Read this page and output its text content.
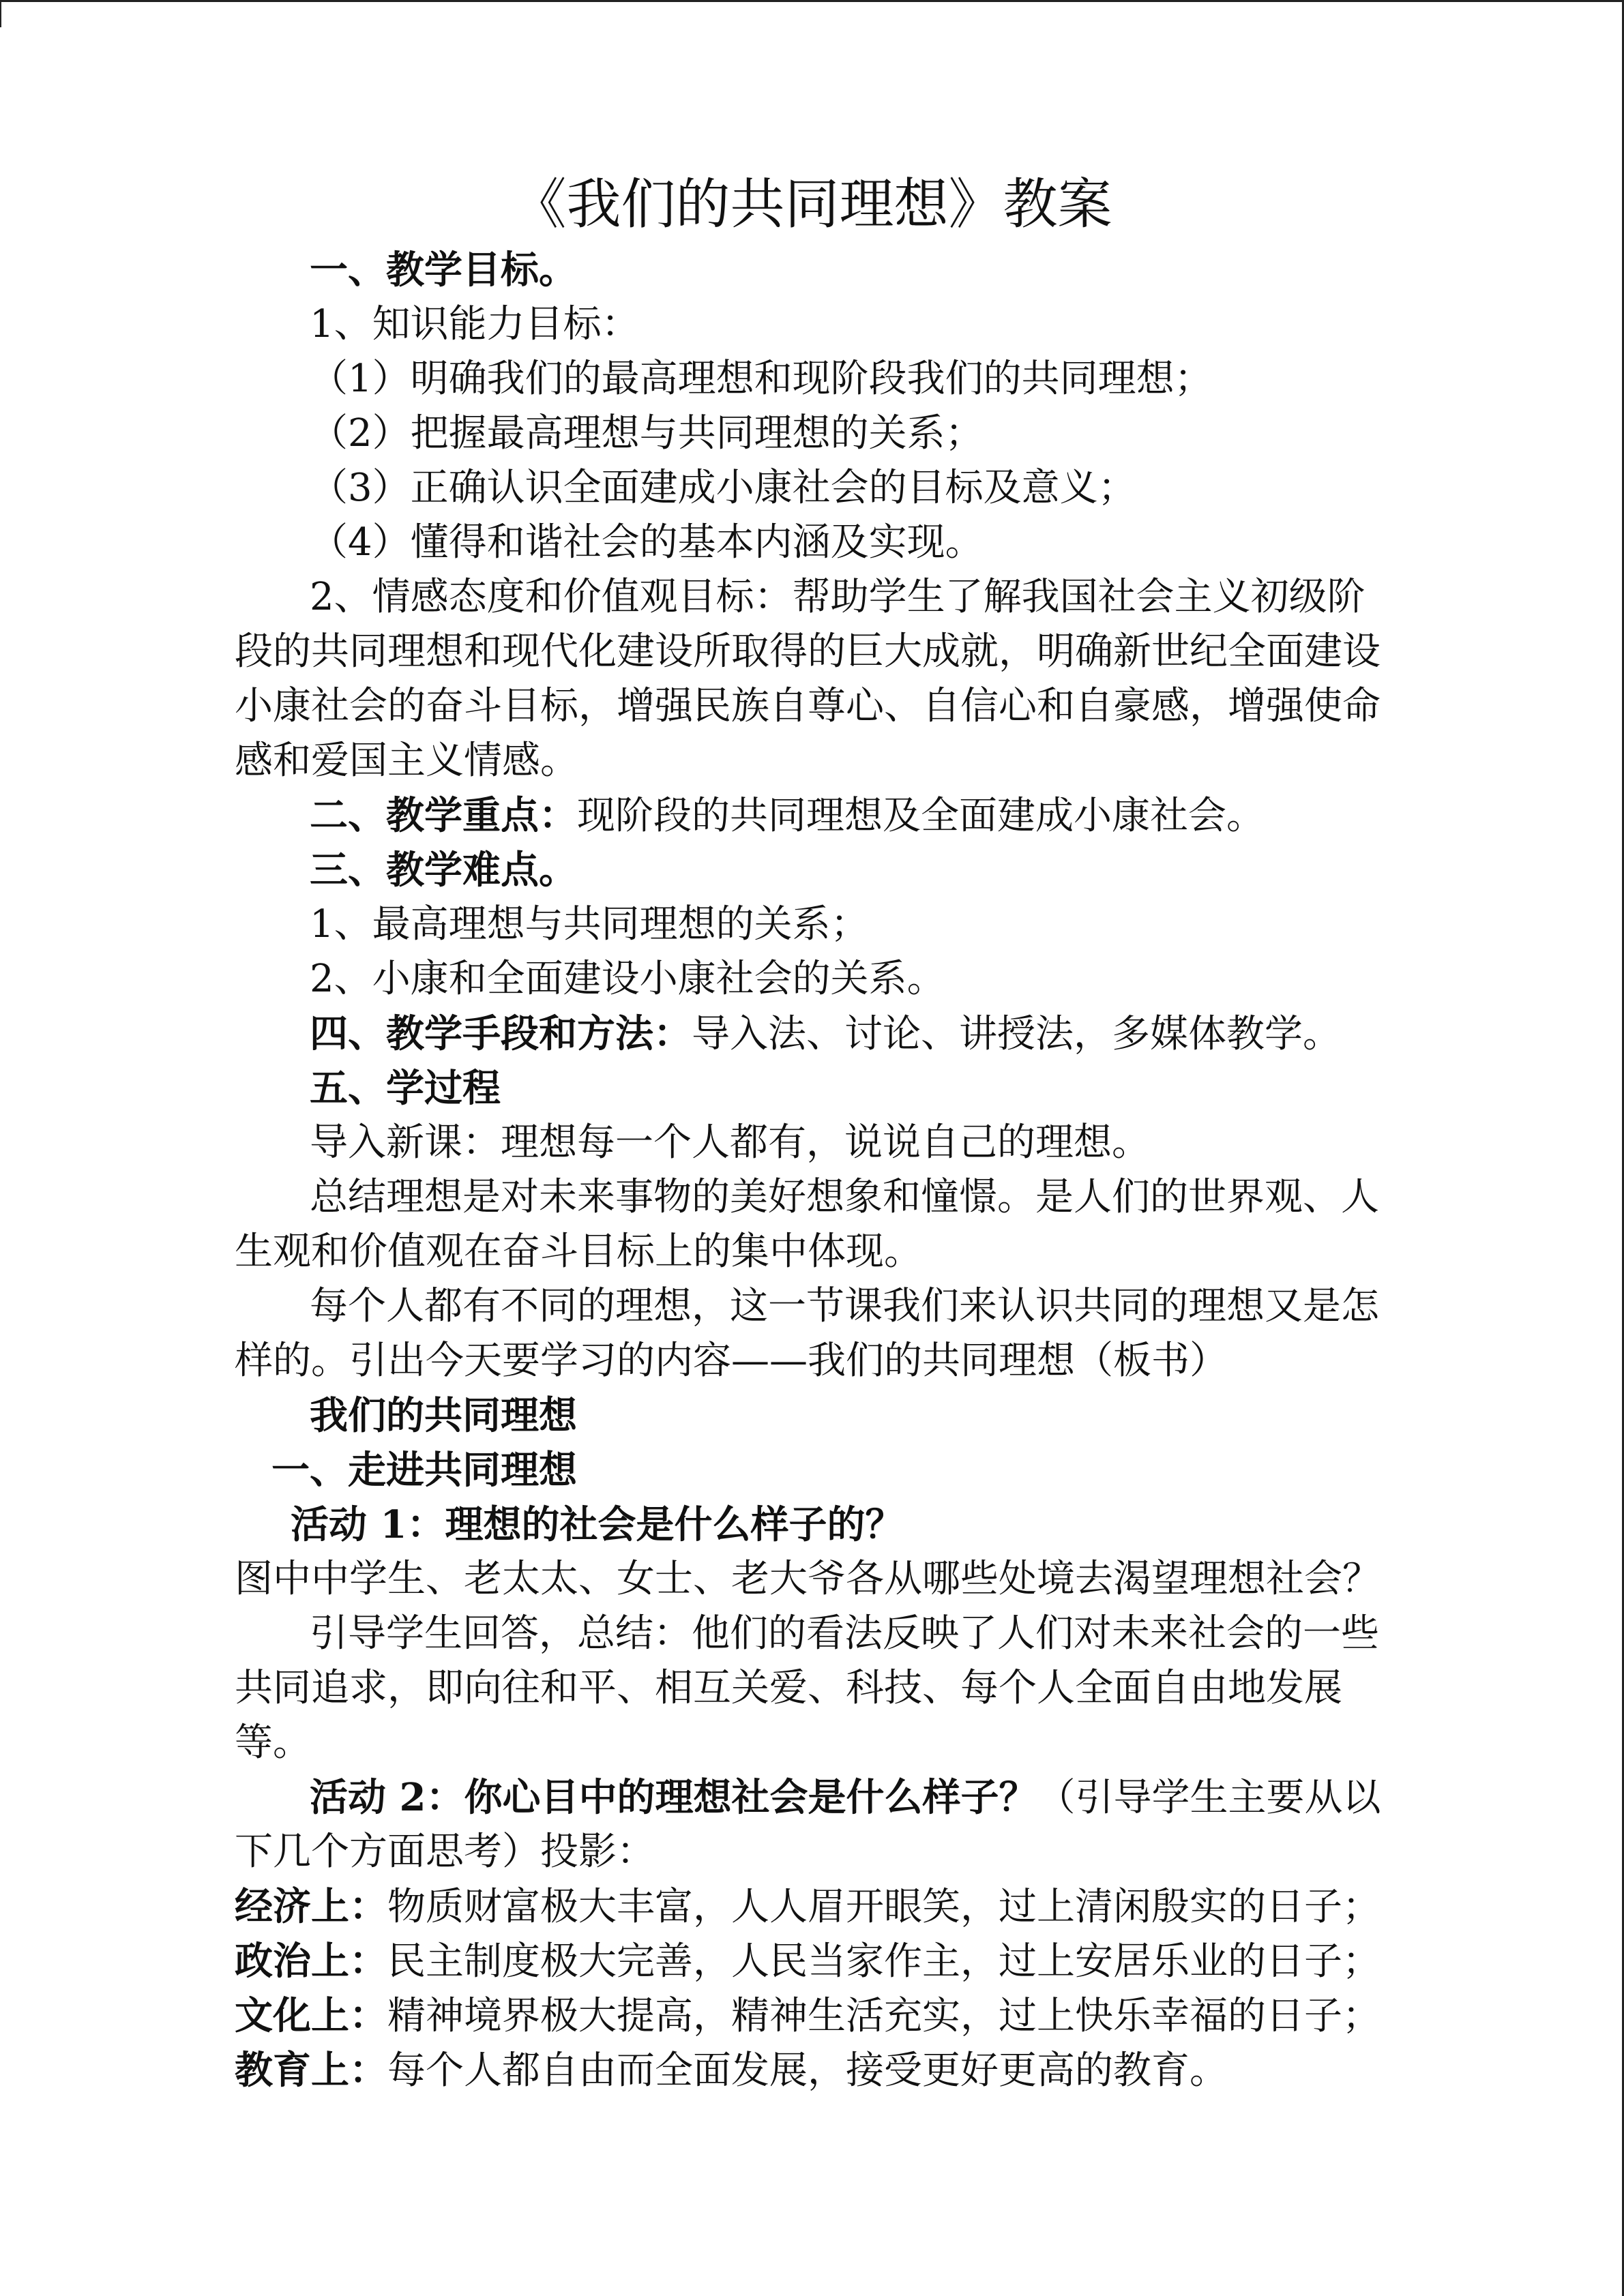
《我们的共同理想》教案
一、教学目标。
1、知识能力目标：
（1）明确我们的最高理想和现阶段我们的共同理想；
（2）把握最高理想与共同理想的关系；
（3）正确认识全面建成小康社会的目标及意义；
（4）懂得和谐社会的基本内涵及实现。
2、情感态度和价值观目标：帮助学生了解我国社会主义初级阶
段的共同理想和现代化建设所取得的巨大成就，明确新世纪全面建设
小康社会的奋斗目标，增强民族自尊心、自信心和自豪感，增强使命
感和爱国主义情感。
二、教学重点：现阶段的共同理想及全面建成小康社会。
三、教学难点。
1、最高理想与共同理想的关系；
2、小康和全面建设小康社会的关系。
四、教学手段和方法：导入法、讨论、讲授法，多媒体教学。
五、学过程
导入新课：理想每一个人都有，说说自己的理想。
总结理想是对未来事物的美好想象和憧憬。是人们的世界观、人
生观和价值观在奋斗目标上的集中体现。
每个人都有不同的理想，这一节课我们来认识共同的理想又是怎
样的。引出今天要学习的内容——我们的共同理想（板书）
我们的共同理想
一、走进共同理想
活动 1：理想的社会是什么样子的？
图中中学生、老太太、女士、老大爷各从哪些处境去渴望理想社会？
引导学生回答，总结：他们的看法反映了人们对未来社会的一些
共同追求，即向往和平、相互关爱、科技、每个人全面自由地发展
等。
活动 2：你心目中的理想社会是什么样子？（引导学生主要从以
下几个方面思考）投影：
经济上：物质财富极大丰富，人人眉开眼笑，过上清闲殷实的日子；
政治上：民主制度极大完善，人民当家作主，过上安居乐业的日子；
文化上：精神境界极大提高，精神生活充实，过上快乐幸福的日子；
教育上：每个人都自由而全面发展，接受更好更高的教育。
